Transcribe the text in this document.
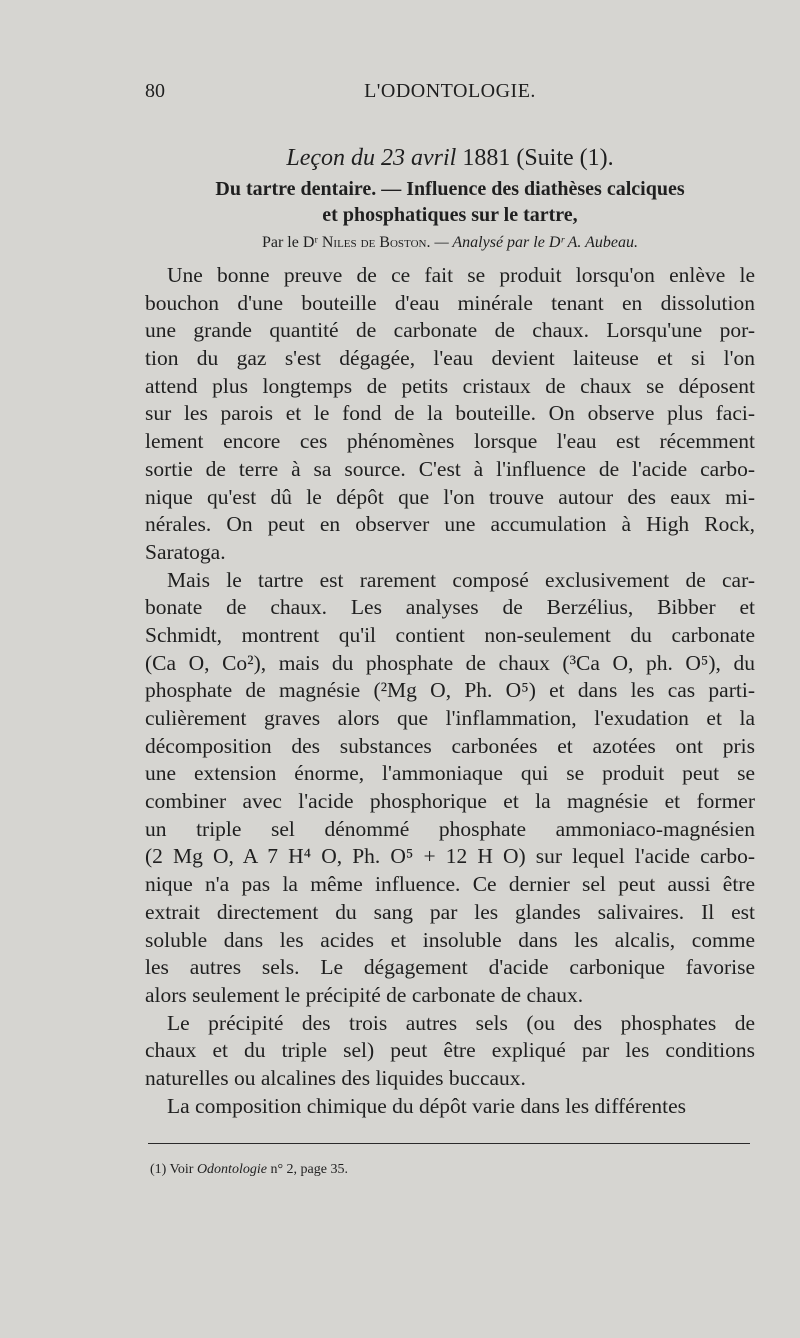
80	L'ODONTOLOGIE.
Leçon du 23 avril 1881 (Suite (1).
Du tartre dentaire. — Influence des diathèses calciques
et phosphatiques sur le tartre,
Par le Dʳ Niles de Boston. — Analysé par le Dʳ A. Aubeau.
Une bonne preuve de ce fait se produit lorsqu'on enlève le
bouchon d'une bouteille d'eau minérale tenant en dissolution
une grande quantité de carbonate de chaux. Lorsqu'une por-
tion du gaz s'est dégagée, l'eau devient laiteuse et si l'on
attend plus longtemps de petits cristaux de chaux se déposent
sur les parois et le fond de la bouteille. On observe plus faci-
lement encore ces phénomènes lorsque l'eau est récemment
sortie de terre à sa source. C'est à l'influence de l'acide carbo-
nique qu'est dû le dépôt que l'on trouve autour des eaux mi-
nérales. On peut en observer une accumulation à High Rock,
Saratoga.
Mais le tartre est rarement composé exclusivement de car-
bonate de chaux. Les analyses de Berzélius, Bibber et
Schmidt, montrent qu'il contient non-seulement du carbonate
(Ca O, Co²), mais du phosphate de chaux (³Ca O, ph. O⁵), du
phosphate de magnésie (²Mg O, Ph. O⁵) et dans les cas parti-
culièrement graves alors que l'inflammation, l'exudation et la
décomposition des substances carbonées et azotées ont pris
une extension énorme, l'ammoniaque qui se produit peut se
combiner avec l'acide phosphorique et la magnésie et former
un triple sel dénommé phosphate ammoniaco-magnésien
(2 Mg O, A 7 H⁴ O, Ph. O⁵ + 12 H O) sur lequel l'acide carbo-
nique n'a pas la même influence. Ce dernier sel peut aussi être
extrait directement du sang par les glandes salivaires. Il est
soluble dans les acides et insoluble dans les alcalis, comme
les autres sels. Le dégagement d'acide carbonique favorise
alors seulement le précipité de carbonate de chaux.
Le précipité des trois autres sels (ou des phosphates de
chaux et du triple sel) peut être expliqué par les conditions
naturelles ou alcalines des liquides buccaux.
La composition chimique du dépôt varie dans les différentes
(1) Voir Odontologie n° 2, page 35.
